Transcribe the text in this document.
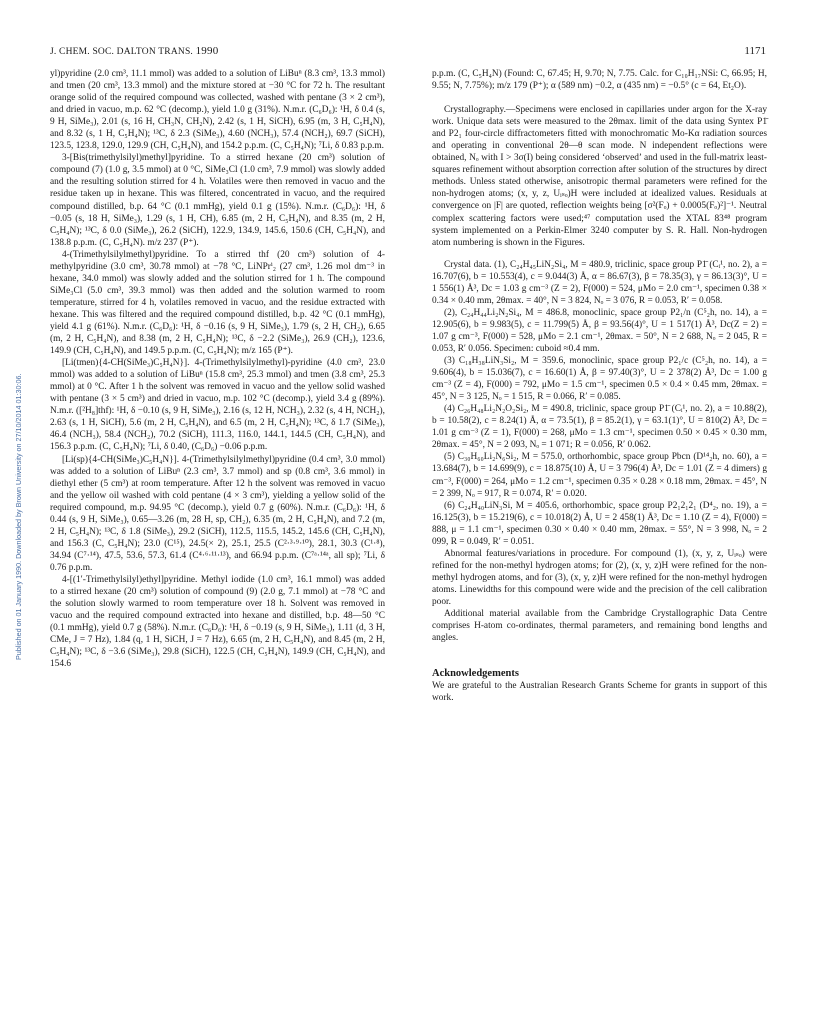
J. CHEM. SOC. DALTON TRANS. 1990	1171
Published on 01 January 1990. Downloaded by Brown University on 27/10/2014 01:30:06.

yl)pyridine (2.0 cm³, 11.1 mmol) was added to a solution of LiBuⁿ (8.3 cm³, 13.3 mmol) and tmen (20 cm³, 13.3 mmol) and the mixture stored at −30 °C for 72 h. The resultant orange solid of the required compound was collected, washed with pentane (3 × 2 cm³), and dried in vacuo, m.p. 62 °C (decomp.), yield 1.0 g (31%). N.m.r. (C₆D₆): ¹H, δ 0.4 (s, 9 H, SiMe₃), 2.01 (s, 16 H, CH₃N, CH₂N), 2.42 (s, 1 H, SiCH), 6.95 (m, 3 H, C₅H₄N), and 8.32 (s, 1 H, C₅H₄N); ¹³C, δ 2.3 (SiMe₃), 4.60 (NCH₃), 57.4 (NCH₂), 69.7 (SiCH), 123.5, 123.8, 129.0, 129.9 (CH, C₅H₄N), and 154.2 p.p.m. (C, C₅H₄N); ⁷Li, δ 0.83 p.p.m.

3-[Bis(trimethylsilyl)methyl]pyridine. To a stirred hexane (20 cm³) solution of compound (7) (1.0 g, 3.5 mmol) at 0 °C, SiMe₃Cl (1.0 cm³, 7.9 mmol) was slowly added and the resulting solution stirred for 4 h. Volatiles were then removed in vacuo and the residue taken up in hexane. This was filtered, concentrated in vacuo, and the required compound distilled, b.p. 64 °C (0.1 mmHg), yield 0.1 g (15%). N.m.r. (C₆D₆): ¹H, δ −0.05 (s, 18 H, SiMe₃), 1.29 (s, 1 H, CH), 6.85 (m, 2 H, C₅H₄N), and 8.35 (m, 2 H, C₅H₄N); ¹³C, δ 0.0 (SiMe₃), 26.2 (SiCH), 122.9, 134.9, 145.6, 150.6 (CH, C₅H₄N), and 138.8 p.p.m. (C, C₅H₄N). m/z 237 (P⁺).

4-(Trimethylsilylmethyl)pyridine. To a stirred thf (20 cm³) solution of 4-methylpyridine (3.0 cm³, 30.78 mmol) at −78 °C, LiNPrⁱ₂ (27 cm³, 1.26 mol dm⁻³ in hexane, 34.0 mmol) was slowly added and the solution stirred for 1 h. The compound SiMe₃Cl (5.0 cm³, 39.3 mmol) was then added and the solution warmed to room temperature, stirred for 4 h, volatiles removed in vacuo, and the residue extracted with hexane. This was filtered and the required compound distilled, b.p. 42 °C (0.1 mmHg), yield 4.1 g (61%). N.m.r. (C₆D₆): ¹H, δ −0.16 (s, 9 H, SiMe₃), 1.79 (s, 2 H, CH₂), 6.65 (m, 2 H, C₅H₄N), and 8.38 (m, 2 H, C₅H₄N); ¹³C, δ −2.2 (SiMe₃), 26.9 (CH₂), 123.6, 149.9 (CH, C₅H₄N), and 149.5 p.p.m. (C, C₅H₄N); m/z 165 (P⁺).

[Li(tmen){4-CH(SiMe₃)C₅H₄N}]. 4-(Trimethylsilylmethyl)-pyridine (4.0 cm³, 23.0 mmol) was added to a solution of LiBuⁿ (15.8 cm³, 25.3 mmol) and tmen (3.8 cm³, 25.3 mmol) at 0 °C. After 1 h the solvent was removed in vacuo and the yellow solid washed with pentane (3 × 5 cm³) and dried in vacuo, m.p. 102 °C (decomp.), yield 3.4 g (89%). N.m.r. ([²H₈]thf): ¹H, δ −0.10 (s, 9 H, SiMe₃), 2.16 (s, 12 H, NCH₃), 2.32 (s, 4 H, NCH₂), 2.63 (s, 1 H, SiCH), 5.6 (m, 2 H, C₅H₄N), and 6.5 (m, 2 H, C₅H₄N); ¹³C, δ 1.7 (SiMe₃), 46.4 (NCH₃), 58.4 (NCH₂), 70.2 (SiCH), 111.3, 116.0, 144.1, 144.5 (CH, C₅H₄N), and 156.3 p.p.m. (C, C₅H₄N); ⁷Li, δ 0.40, (C₆D₆) −0.06 p.p.m.

[Li(sp){4-CH(SiMe₃)C₅H₄N}]. 4-(Trimethylsilylmethyl)pyridine (0.4 cm³, 3.0 mmol) was added to a solution of LiBuⁿ (2.3 cm³, 3.7 mmol) and sp (0.8 cm³, 3.6 mmol) in diethyl ether (5 cm³) at room temperature. After 12 h the solvent was removed in vacuo and the yellow oil washed with cold pentane (4 × 3 cm³), yielding a yellow solid of the required compound, m.p. 94.95 °C (decomp.), yield 0.7 g (60%). N.m.r. (C₆D₆): ¹H, δ 0.44 (s, 9 H, SiMe₃), 0.65—3.26 (m, 28 H, sp, CH₂), 6.35 (m, 2 H, C₅H₄N), and 7.2 (m, 2 H, C₅H₄N); ¹³C, δ 1.8 (SiMe₃), 29.2 (SiCH), 112.5, 115.5, 145.2, 145.6 (CH, C₅H₄N), and 156.3 (C, C₅H₄N); 23.0 (C¹⁵), 24.5(× 2), 25.1, 25.5 (C²·³·⁹·¹⁰), 28.1, 30.3 (C¹·⁸), 34.94 (C⁷·¹⁴), 47.5, 53.6, 57.3, 61.4 (C⁴·⁶·¹¹·¹³), and 66.94 p.p.m. (C⁷ᵃ·¹⁴ᵃ, all sp); ⁷Li, δ 0.76 p.p.m.

4-[(1′-Trimethylsilyl)ethyl]pyridine. Methyl iodide (1.0 cm³, 16.1 mmol) was added to a stirred hexane (20 cm³) solution of compound (9) (2.0 g, 7.1 mmol) at −78 °C and the solution slowly warmed to room temperature over 18 h. Solvent was removed in vacuo and the required compound extracted into hexane and distilled, b.p. 48—50 °C (0.1 mmHg), yield 0.7 g (58%). N.m.r. (C₆D₆): ¹H, δ −0.19 (s, 9 H, SiMe₃), 1.11 (d, 3 H, CMe, J = 7 Hz), 1.84 (q, 1 H, SiCH, J = 7 Hz), 6.65 (m, 2 H, C₅H₄N), and 8.45 (m, 2 H, C₅H₄N); ¹³C, δ −3.6 (SiMe₃), 29.8 (SiCH), 122.5 (CH, C₅H₄N), 149.9 (CH, C₅H₄N), and 154.6

p.p.m. (C, C₅H₄N) (Found: C, 67.45; H, 9.70; N, 7.75. Calc. for C₁₀H₁₇NSi: C, 66.95; H, 9.55; N, 7.75%); m/z 179 (P⁺); α (589 nm) −0.2, α (435 nm) = −0.5° (c = 64, Et₂O).

Crystallography.—Specimens were enclosed in capillaries under argon for the X-ray work. Unique data sets were measured to the 2θmax. limit of the data using Syntex P1̄ and P2₁ four-circle diffractometers fitted with monochromatic Mo-Kα radiation sources and operating in conventional 2θ—θ scan mode. N independent reflections were obtained, Nₒ with I > 3σ(I) being considered ‘observed’ and used in the full-matrix least-squares refinement without absorption correction after solution of the structures by direct methods. Unless stated otherwise, anisotropic thermal parameters were refined for the non-hydrogen atoms; (x, y, z, Uᵢₛₒ)H were included at idealized values. Residuals at convergence on |F| are quoted, reflection weights being [σ²(Fₒ) + 0.0005(Fₒ)²]⁻¹. Neutral complex scattering factors were used;⁴⁷ computation used the XTAL 83⁴⁸ program system implemented on a Perkin-Elmer 3240 computer by S. R. Hall. Non-hydrogen atom numbering is shown in the Figures.

Crystal data. (1), C₂₄H₄₅LiN₂Si₄, M = 480.9, triclinic, space group P1̄ (Cᵢ¹, no. 2), a = 16.707(6), b = 10.553(4), c = 9.044(3) Å, α = 86.67(3), β = 78.35(3), γ = 86.13(3)°, U = 1 556(1) Å³, Dc = 1.03 g cm⁻³ (Z = 2), F(000) = 524, μMo = 2.0 cm⁻¹, specimen 0.38 × 0.34 × 0.40 mm, 2θmax. = 40°, N = 3 824, Nₒ = 3 076, R = 0.053, R′ = 0.058.

(2), C₂₄H₄₄Li₂N₂Si₄, M = 486.8, monoclinic, space group P2₁/n (C⁵₂h, no. 14), a = 12.905(6), b = 9.983(5), c = 11.799(5) Å, β = 93.56(4)°, U = 1 517(1) Å³, Dc(Z = 2) = 1.07 g cm⁻³, F(000) = 528, μMo = 2.1 cm⁻¹, 2θmax. = 50°, N = 2 688, Nₒ = 2 045, R = 0.053, R′ 0.056. Specimen: cuboid ≈0.4 mm.

(3) C₁₈H₃₈LiN₃Si₂, M = 359.6, monoclinic, space group P2₁/c (C⁵₂h, no. 14), a = 9.606(4), b = 15.036(7), c = 16.60(1) Å, β = 97.40(3)°, U = 2 378(2) Å³, Dc = 1.00 g cm⁻³ (Z = 4), F(000) = 792, μMo = 1.5 cm⁻¹, specimen 0.5 × 0.4 × 0.45 mm, 2θmax. = 45°, N = 3 125, Nₒ = 1 515, R = 0.066, R′ = 0.085.

(4) C₂₆H₄₈Li₂N₂O₂Si₂, M = 490.8, triclinic, space group P1̄ (Cᵢ¹, no. 2), a = 10.88(2), b = 10.58(2), c = 8.24(1) Å, α = 73.5(1), β = 85.2(1), γ = 63.1(1)°, U = 810(2) Å³, Dc = 1.01 g cm⁻³ (Z = 1), F(000) = 268, μMo = 1.3 cm⁻¹, specimen 0.50 × 0.45 × 0.30 mm, 2θmax. = 45°, N = 2 093, Nₒ = 1 071; R = 0.056, R′ 0.062.

(5) C₃₀H₆₀Li₂N₆Si₂, M = 575.0, orthorhombic, space group Pbcn (D¹⁴₂h, no. 60), a = 13.684(7), b = 14.699(9), c = 18.875(10) Å, U = 3 796(4) Å³, Dc = 1.01 (Z = 4 dimers) g cm⁻³, F(000) = 264, μMo = 1.2 cm⁻¹, specimen 0.35 × 0.28 × 0.18 mm, 2θmax. = 45°, N = 2 399, Nₒ = 917, R = 0.074, R′ = 0.020.

(6) C₂₄H₄₀LiN₃Si, M = 405.6, orthorhombic, space group P2₁2₁2₁ (D⁴₂, no. 19), a = 16.125(3), b = 15.219(6), c = 10.018(2) Å, U = 2 458(1) Å³, Dc = 1.10 (Z = 4), F(000) = 888, μ = 1.1 cm⁻¹, specimen 0.30 × 0.40 × 0.40 mm, 2θmax. = 55°, N = 3 998, Nₒ = 2 099, R = 0.049, R′ = 0.051.

Abnormal features/variations in procedure. For compound (1), (x, y, z, Uᵢₛₒ) were refined for the non-methyl hydrogen atoms; for (2), (x, y, z)H were refined for the non-methyl hydrogen atoms, and for (3), (x, y, z)H were refined for the non-methyl hydrogen atoms. Linewidths for this compound were wide and the precision of the cell calibration poor.

Additional material available from the Cambridge Crystallographic Data Centre comprises H-atom co-ordinates, thermal parameters, and remaining bond lengths and angles.

Acknowledgements

We are grateful to the Australian Research Grants Scheme for grants in support of this work.
